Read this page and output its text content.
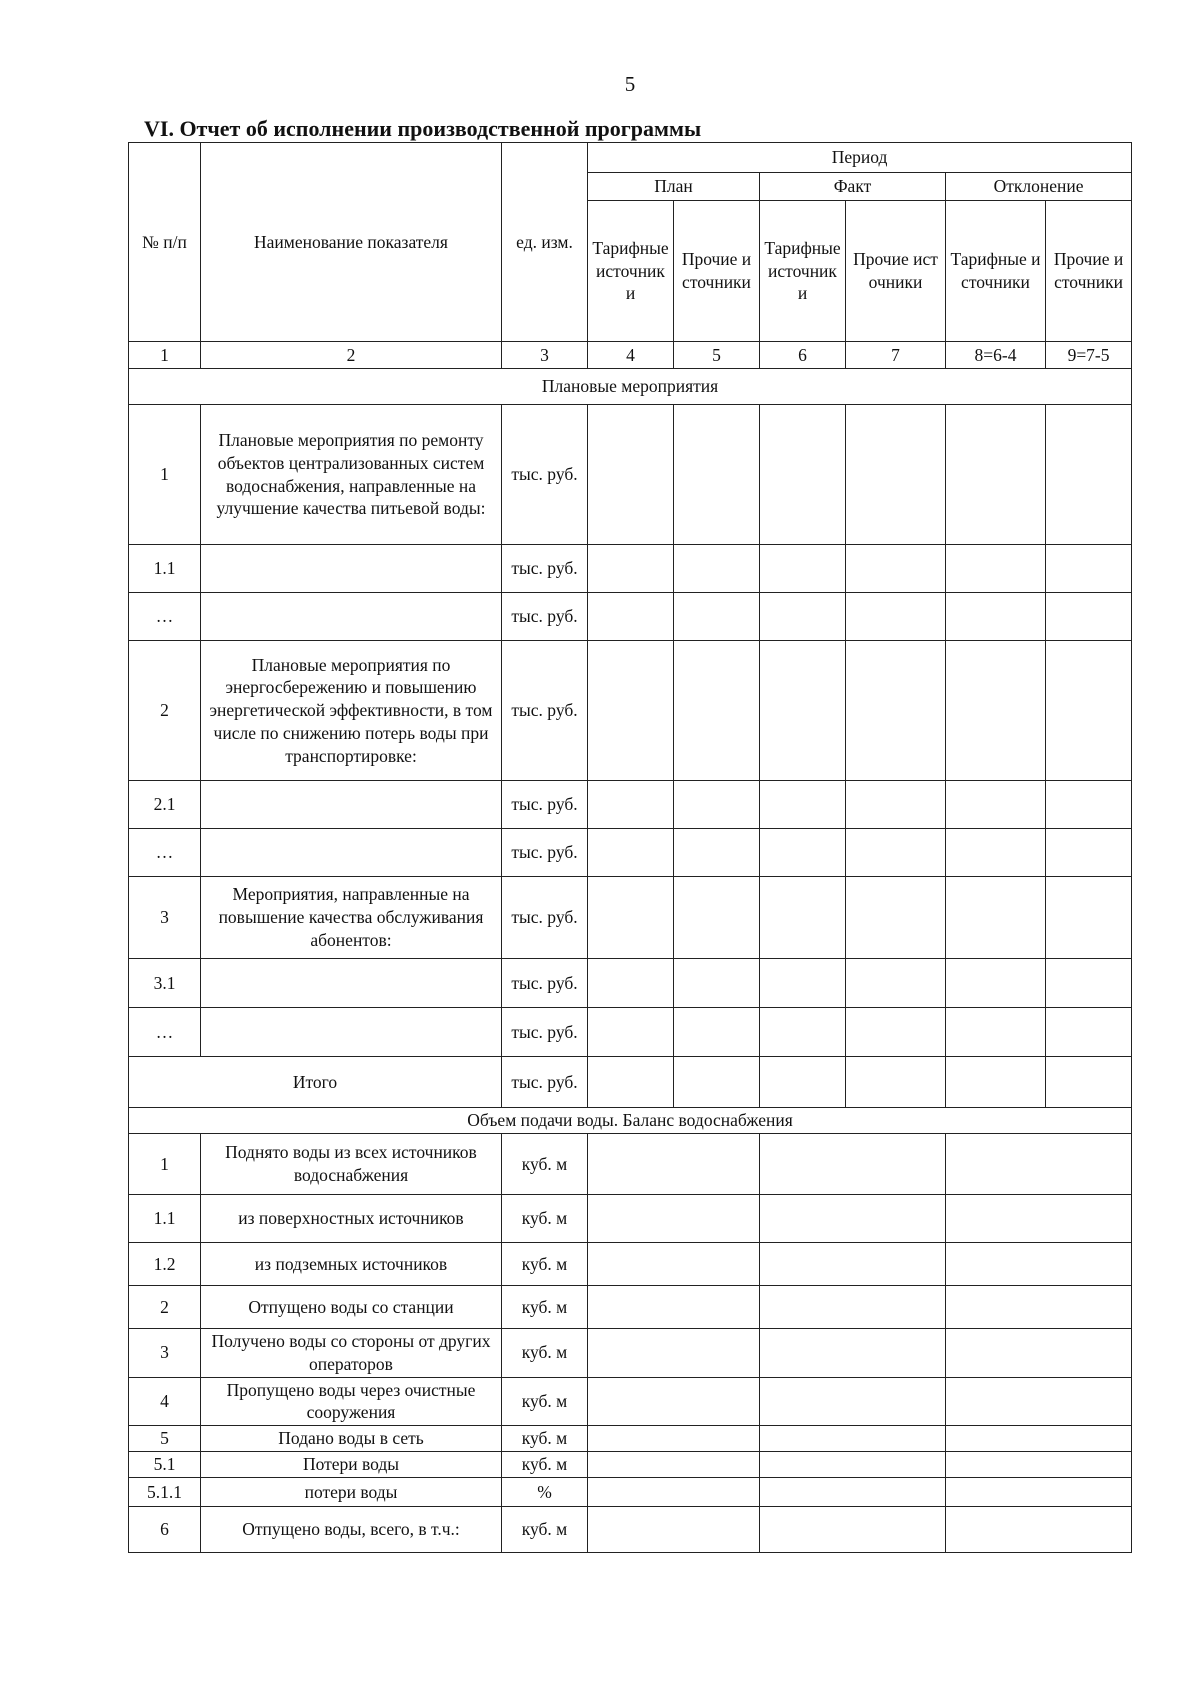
5
VI. Отчет об исполнении производственной программы
№ п/п	Наименование показателя	ед. изм.	Период					
			План		Факт		Отклонение	
			Тарифные источники	Прочие источники	Тарифные источники	Прочие источники	Тарифные источники	Прочие источники
1	2	3	4	5	6	7	8=6-4	9=7-5
Плановые мероприятия								
1	Плановые мероприятия по ремонту объектов централизованных систем водоснабжения, направленные на улучшение качества питьевой воды:	тыс. руб.						
1.1		тыс. руб.						
…		тыс. руб.						
2	Плановые мероприятия по энергосбережению и повышению энергетической эффективности, в том числе по снижению потерь воды при транспортировке:	тыс. руб.						
2.1		тыс. руб.						
…		тыс. руб.						
3	Мероприятия, направленные на повышение качества обслуживания абонентов:	тыс. руб.						
3.1		тыс. руб.						
…		тыс. руб.						
Итого		тыс. руб.						
Объем подачи воды. Баланс водоснабжения								
1	Поднято воды из всех источников водоснабжения	куб. м						
1.1	из поверхностных источников	куб. м						
1.2	из подземных источников	куб. м						
2	Отпущено воды со станции	куб. м						
3	Получено воды со стороны от других операторов	куб. м						
4	Пропущено воды через очистные сооружения	куб. м						
5	Подано воды в сеть	куб. м						
5.1	Потери воды	куб. м						
5.1.1	потери воды	%						
6	Отпущено воды, всего, в т.ч.:	куб. м						
